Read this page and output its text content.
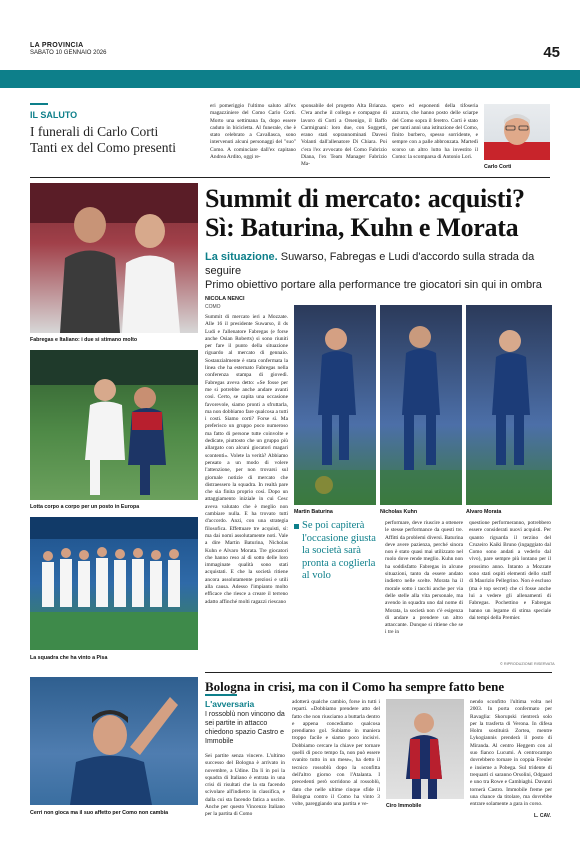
LA PROVINCIA
SABATO 10 GENNAIO 2026	45
IL SALUTO
I funerali di Carlo Corti
Tanti ex del Como presenti
eri pomeriggio l'ultimo saluto all'ex magazziniere del Como Carlo Corti. Morto una settimana fa, dopo essere caduto in bicicletta. Al funerale, che è stato celebrato a Cavallasca, sono intervenuti alcuni personaggi del "suo" Como. A cominciare dall'ex capitano Andrea Ardito, oggi re-
sponsabile del progetto Alta Brianza. C'era anche il collega e compagno di lavoro di Corti a Orsenigo, il Baffo Carmignani: loro due, con Soggetti, erano stati soprannominati Davesi Volanti dall'allenatore Di Chiara. Poi c'era l'ex avvocato del Como Fabrizio Diana, l'ex Team Manager Fabrizio Ma-
spero ed esponenti della tifoseria azzurra, che hanno posto delle sciarpe del Como sopra il feretro. Corti è stato per tanti anni una istituzione del Como, finito burbero, spesso sorridente, e sempre con a palle abbronzata. Martedì scorso un altro lutto ha investito il Como: la scomparsa di Antonio Lori.
Carlo Corti
Fabregas e Italiano: i due si stimano molto
Lotta corpo a corpo per un posto in Europa
La squadra che ha vinto a Pisa
Summit di mercato: acquisti?
Sì: Baturina, Kuhn e Morata
La situazione. Suwarso, Fabregas e Ludi d'accordo sulla strada da seguire
Primo obiettivo portare alla performance tre giocatori sin qui in ombra
NICOLA NENCI
COMO
Summit di mercato ieri a Mozzate. Alle 16 il presidente Suwarso, il ds Ludi e l'allenatore Fabregas (e forse anche Osian Roberts) si sono riuniti per fare il punto della situazione riguardo al mercato di gennaio. Sostanzialmente è stata confermata la linea che ha esternato Fabregas nella conferenza stampa di giovedì. Fabregas aveva detto: «Se fosse per me si potrebbe anche andare avanti così. Certo, se capita una occasione favorevole, siamo pronti a sfruttarla, ma non dobbiamo fare qualcosa a tutti i costi. Siamo corti? Forse sì. Ma preferisco un gruppo poco numeroso ma fatto di persone tutte coinvolte e dedicate, piuttosto che un gruppo più allargato con alcuni giocatori magari scontenti». Volete la verità? Abbiamo pensato a un modo di volere l'attenzione, per non trovarsi sul giornale notizie di mercato che distraessero la squadra. In realtà pare che sia finita proprio così. Dopo un attaggiamento iniziale in cui Cesc aveva valutato che è meglio non cambiare nulla. E ha trovato tutti d'accordo. Anzi, con una strategia filosofica. Effettuare tre acquisti, sì: ma dai nomi assolutamente noti. Vale a dire Martin Baturina, Nicholas Kuhn e Alvaro Morata. Tre giocatori che hanno reso al di sotto delle loro immaginate qualità sono stati acquistati. E che la società ritiene ancora assolutamente preziosi e utili alla causa. Adesso l'impianto molto efficace che riesce a creare il terreno adatto affinché molti ragazzi riescano
Martin Baturina	Nicholas Kuhn	Alvaro Morata
Se poi capiterà l'occasione giusta la società sarà pronta a coglierla al volo
performare, deve riuscire a ottenere le stesse performance da questi tre. Affitti da problemi diversi. Baturina deve avere pazienza, perché sinora non è stato quasi mai utilizzato nel ruolo dove rende meglio. Kuhn non ha soddisfatto Fabregas in alcune situazioni, tanto da essere andato indietro nelle scelte. Morata ha il morale sotto i tacchi anche per via delle stelle alla vita personale, ma avendo in squadra uno dal nome di Morata, la società non c'è esigenza di andare a prendere un altro attaccante. Dunque si ritiene che se i tre in
questione performeranno, potrebbero essere considerati nuovi acquisti. Per quanto riguarda il terzino del Cruzeiro Kaiki Bruno (ingaggiato dal Como sono andati a vederlo dal vivo), pare sempre più lontano per il prossimo anno. Intanto a Mozzate sono stati ospiti elementi dello staff di Maurizio Pellegrino. Non è escluso (ma è top secret) che ci fosse anche lui a vedere gli allenamenti di Fabregas. Pochettino e Fabregas hanno un legame di stima speciale dai tempi della Premier.
© RIPRODUZIONE RISERVATA
Bologna in crisi, ma con il Como ha sempre fatto bene
Cerri non gioca ma il suo affetto per Como non cambia
L'avversaria
I rossoblù non vincono da sei partite in attacco chiedono spazio Castro e Immobile
Sei partite senza vincere. L'ultimo successo del Bologna è arrivato in novembre, a Udine. Da lì in poi la squadra di Italiano è entrata in una crisi di risultati che la sta facendo scivolare all'indietro in classifica, e dalla cui sta facendo fatica a uscire. Anche per questo Vincenzo Italiano per la partita di Como
adotterà qualche cambio, forse in tutti i reparti. «Dobbiamo prendere atto del fatto che non riusciamo a buttarla dentro e appena concediamo qualcosa prendiamo gol. Subiamo in maniera troppo facile e siamo poco incisivi. Dobbiamo cercare la chiave per tornare quelli di poco tempo fa, non può essere svanito tutto in un mese», ha detto il tecnico rossoblù dopo la sconfitta dell'altro giorno con l'Atalanta. I precedenti però sorridono al rossoblù, dato che nelle ultime cinque sfide il Bologna contro il Como ha vinto 3 volte, pareggiando una partita e ve-	Ciro Immobile
nendo sconfitto l'ultima volta nel 2003. In porta confermato per Ravaglia: Skorupski rientrerà solo per la trasferta di Verona. In difesa Holm sostituirà Zortea, mentre Lykogiannis prenderà il posto di Miranda. Al centro Heggem con al suo fianco Lucumi. A centrocampo dovrebbero tornare in coppia Freuler e insieme a Pobega. Sul tridente di trequarti ci saranno Orsolini, Odgaard e uno tra Rowe e Cambiaghi. Davanti tornerà Castro. Immobile freme per una chance da titolare, ma dovrebbe entrare solamente a gara in corso.
L. CAV.
